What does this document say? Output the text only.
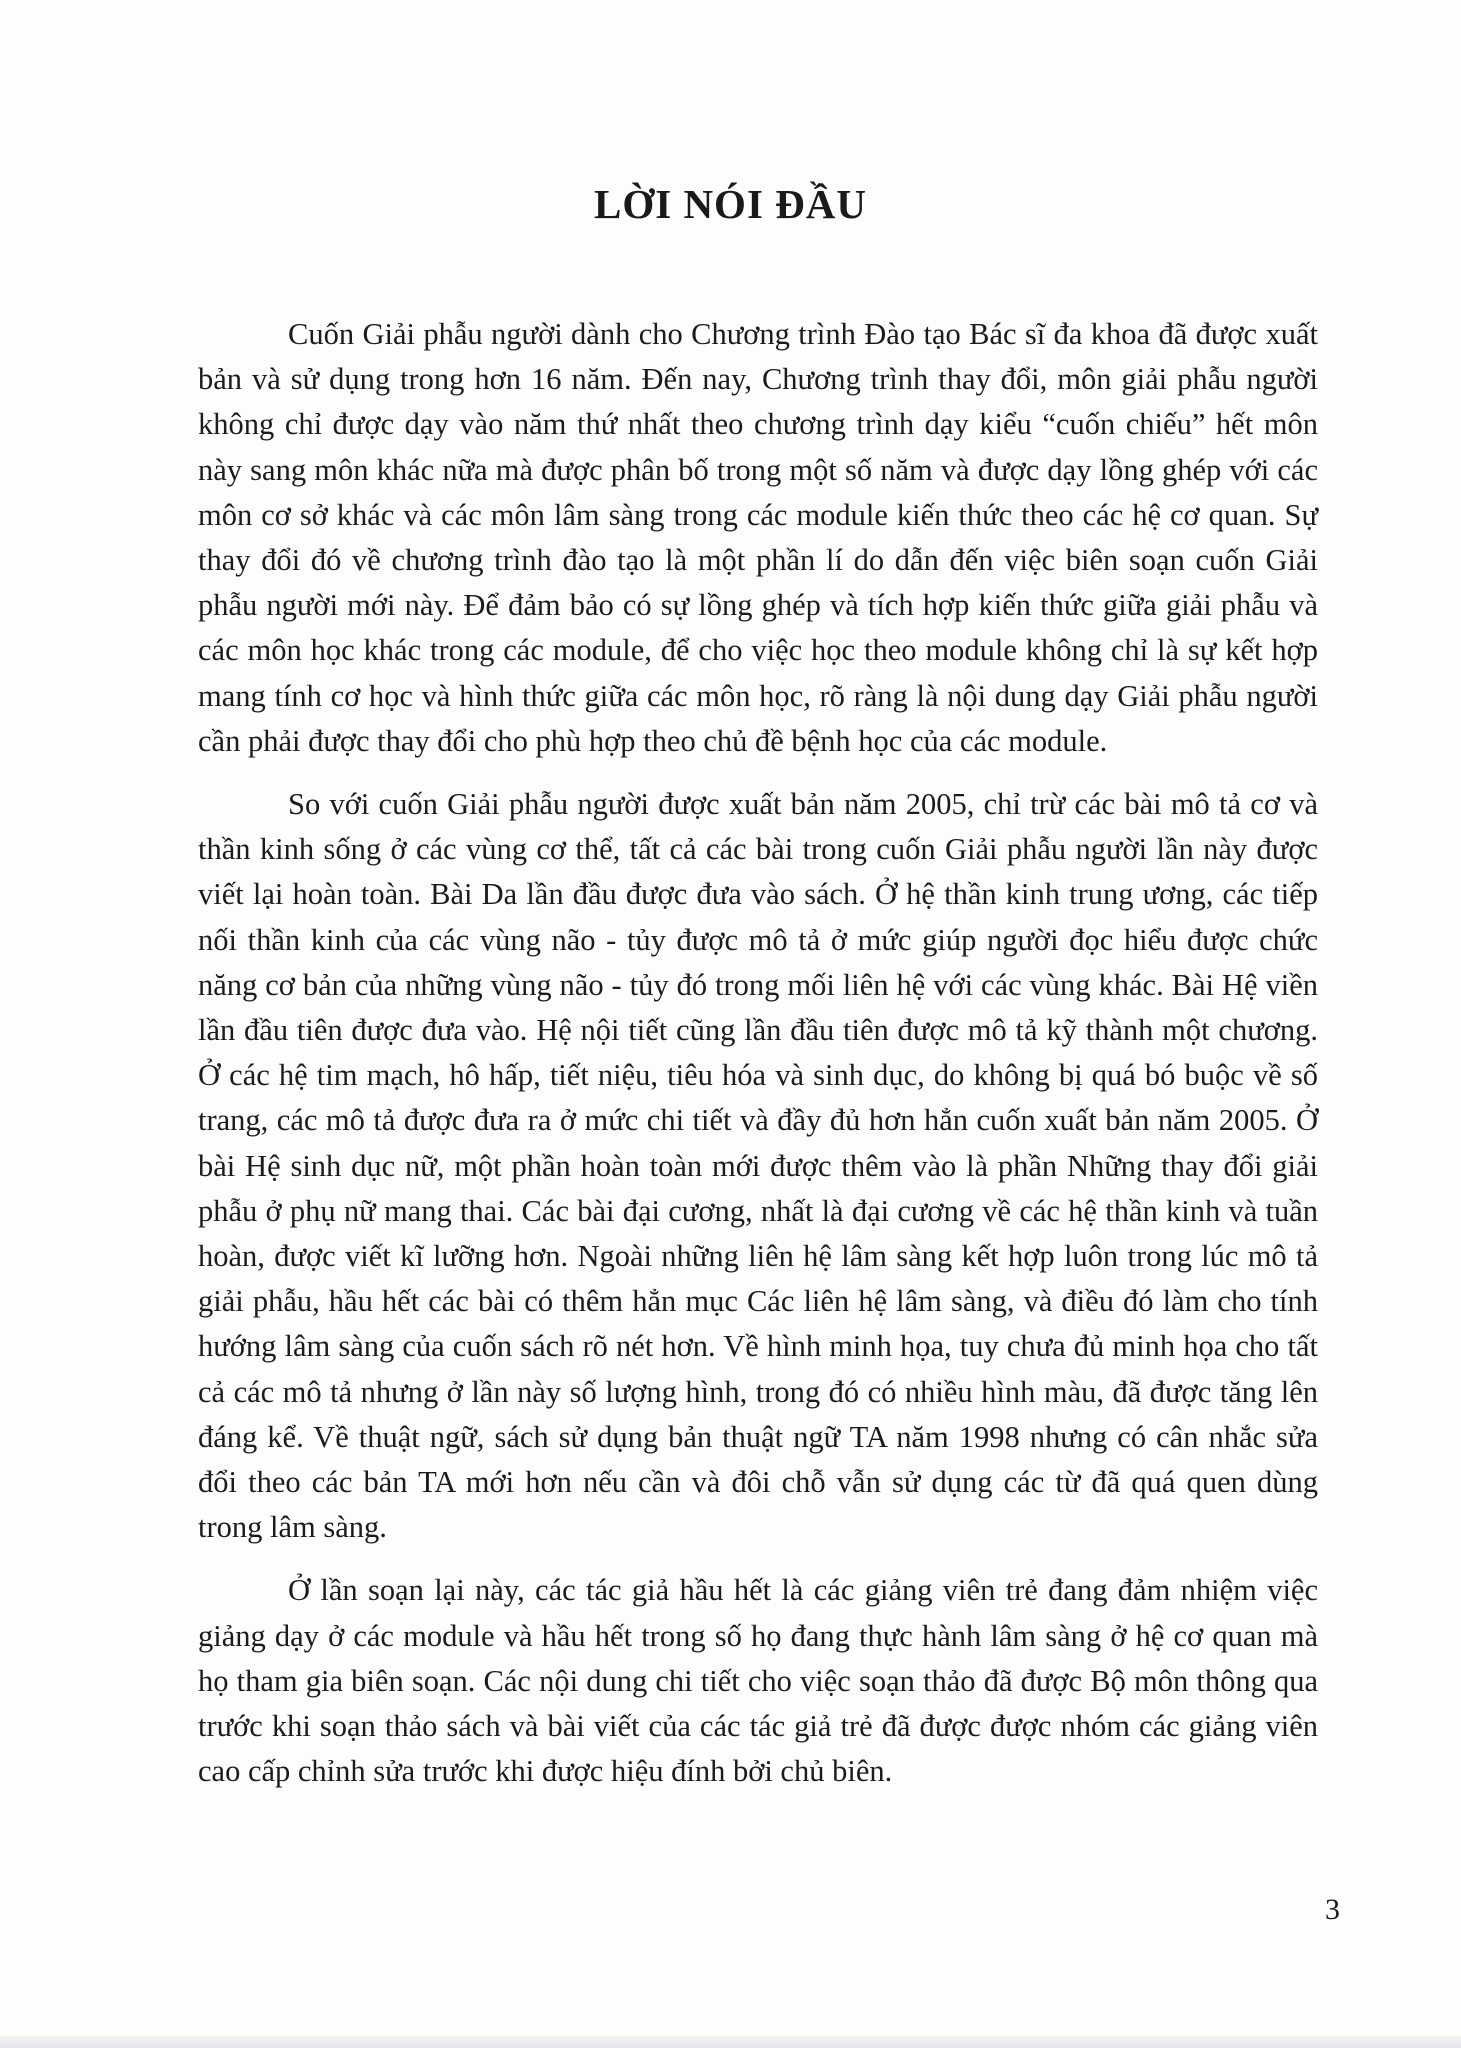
LỜI NÓI ĐẦU

Cuốn Giải phẫu người dành cho Chương trình Đào tạo Bác sĩ đa khoa đã được xuất bản và sử dụng trong hơn 16 năm. Đến nay, Chương trình thay đổi, môn giải phẫu người không chỉ được dạy vào năm thứ nhất theo chương trình dạy kiểu “cuốn chiếu” hết môn này sang môn khác nữa mà được phân bố trong một số năm và được dạy lồng ghép với các môn cơ sở khác và các môn lâm sàng trong các module kiến thức theo các hệ cơ quan. Sự thay đổi đó về chương trình đào tạo là một phần lí do dẫn đến việc biên soạn cuốn Giải phẫu người mới này. Để đảm bảo có sự lồng ghép và tích hợp kiến thức giữa giải phẫu và các môn học khác trong các module, để cho việc học theo module không chỉ là sự kết hợp mang tính cơ học và hình thức giữa các môn học, rõ ràng là nội dung dạy Giải phẫu người cần phải được thay đổi cho phù hợp theo chủ đề bệnh học của các module.

So với cuốn Giải phẫu người được xuất bản năm 2005, chỉ trừ các bài mô tả cơ và thần kinh sống ở các vùng cơ thể, tất cả các bài trong cuốn Giải phẫu người lần này được viết lại hoàn toàn. Bài Da lần đầu được đưa vào sách. Ở hệ thần kinh trung ương, các tiếp nối thần kinh của các vùng não - tủy được mô tả ở mức giúp người đọc hiểu được chức năng cơ bản của những vùng não - tủy đó trong mối liên hệ với các vùng khác. Bài Hệ viền lần đầu tiên được đưa vào. Hệ nội tiết cũng lần đầu tiên được mô tả kỹ thành một chương. Ở các hệ tim mạch, hô hấp, tiết niệu, tiêu hóa và sinh dục, do không bị quá bó buộc về số trang, các mô tả được đưa ra ở mức chi tiết và đầy đủ hơn hẳn cuốn xuất bản năm 2005. Ở bài Hệ sinh dục nữ, một phần hoàn toàn mới được thêm vào là phần Những thay đổi giải phẫu ở phụ nữ mang thai. Các bài đại cương, nhất là đại cương về các hệ thần kinh và tuần hoàn, được viết kĩ lưỡng hơn. Ngoài những liên hệ lâm sàng kết hợp luôn trong lúc mô tả giải phẫu, hầu hết các bài có thêm hẳn mục Các liên hệ lâm sàng, và điều đó làm cho tính hướng lâm sàng của cuốn sách rõ nét hơn. Về hình minh họa, tuy chưa đủ minh họa cho tất cả các mô tả nhưng ở lần này số lượng hình, trong đó có nhiều hình màu, đã được tăng lên đáng kể. Về thuật ngữ, sách sử dụng bản thuật ngữ TA năm 1998 nhưng có cân nhắc sửa đổi theo các bản TA mới hơn nếu cần và đôi chỗ vẫn sử dụng các từ đã quá quen dùng trong lâm sàng.

Ở lần soạn lại này, các tác giả hầu hết là các giảng viên trẻ đang đảm nhiệm việc giảng dạy ở các module và hầu hết trong số họ đang thực hành lâm sàng ở hệ cơ quan mà họ tham gia biên soạn. Các nội dung chi tiết cho việc soạn thảo đã được Bộ môn thông qua trước khi soạn thảo sách và bài viết của các tác giả trẻ đã được được nhóm các giảng viên cao cấp chỉnh sửa trước khi được hiệu đính bởi chủ biên.

3
